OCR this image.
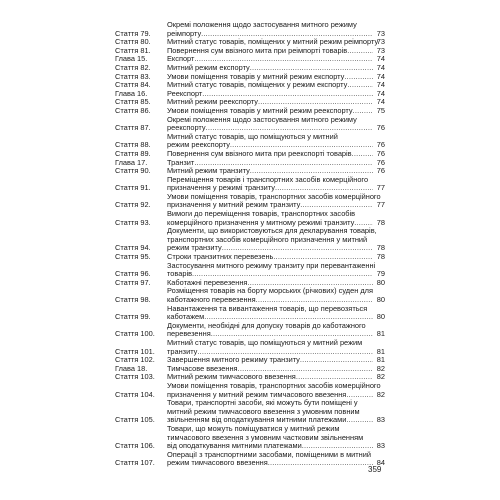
Стаття 79.
Окремі положення щодо застосування митного режиму
реімпорту .....	73
Стаття 80.	Митний статус товарів, поміщених у митний режим реімпорту
73
Стаття 81.	Повернення сум ввізного мита при реімпорті товарів .....	73
Глава 15.	Експорт .....	74
Стаття 82.	Митний режим експорту .....	74
Стаття 83.	Умови поміщення товарів у митний режим експорту .....	74
Стаття 84.	Митний статус товарів, поміщених у режим експорту .....	74
Глава 16.	Реекспорт .....	74
Стаття 85.	Митний режим реекспорту .....	74
Стаття 86.	Умови поміщення товарів у митний режим реекспорту .....	75
Стаття 87.
Окремі положення щодо застосування митного режиму
реекспорту .....	76
Стаття 88.
Митний статус товарів, що поміщуються у митний
режим реекспорту .....	76
Стаття 89.	Повернення сум ввізного мита при реекспорті товарів .....	76
Глава 17.	Транзит .....	76
Стаття 90.	Митний режим транзиту .....	76
Стаття 91.
Переміщення товарів і транспортних засобів комерційного
призначення у режимі транзиту .....	77
Стаття 92.
Умови поміщення товарів, транспортних засобів комерційного
призначення у митний режим транзиту .....	77
Стаття 93.
Вимоги до переміщення товарів, транспортних засобів
комерційного призначення у митному режимі транзиту .....	78
Стаття 94.
Документи, що використовуються для декларування товарів,
транспортних засобів комерційного призначення у митний
режим транзиту .....	78
Стаття 95.	Строки транзитних перевезень .....	78
Стаття 96.
Застосування митного режиму транзиту при перевантаженні
товарів .....	79
Стаття 97.	Каботажні перевезення .....	80
Стаття 98.
Розміщення товарів на борту морських (річкових) суден для
каботажного перевезення .....	80
Стаття 99.
Навантаження та вивантаження товарів, що перевозяться
каботажем .....	80
Стаття 100.
Документи, необхідні для допуску товарів до каботажного
перевезення .....	81
Стаття 101.
Митний статус товарів, що поміщуються у митний режим
транзиту .....	81
Стаття 102.	Завершення митного режиму транзиту .....	81
Глава 18.	Тимчасове ввезення .....	82
Стаття 103.	Митний режим тимчасового ввезення .....	82
Стаття 104.
Умови поміщення товарів, транспортних засобів комерційного
призначення у митний режим тимчасового ввезення .....	82
Стаття 105.
Товари, транспортні засоби, які можуть бути поміщені у
митний режим тимчасового ввезення з умовним повним
звільненням від оподаткування митними платежами .....	83
Стаття 106.
Товари, що можуть поміщуватися у митний режим
тимчасового ввезення з умовним частковим звільненням
від оподаткування митними платежами .....	83
Стаття 107.
Операції з транспортними засобами, поміщеними в митний
режим тимчасового ввезення .....	84
359
